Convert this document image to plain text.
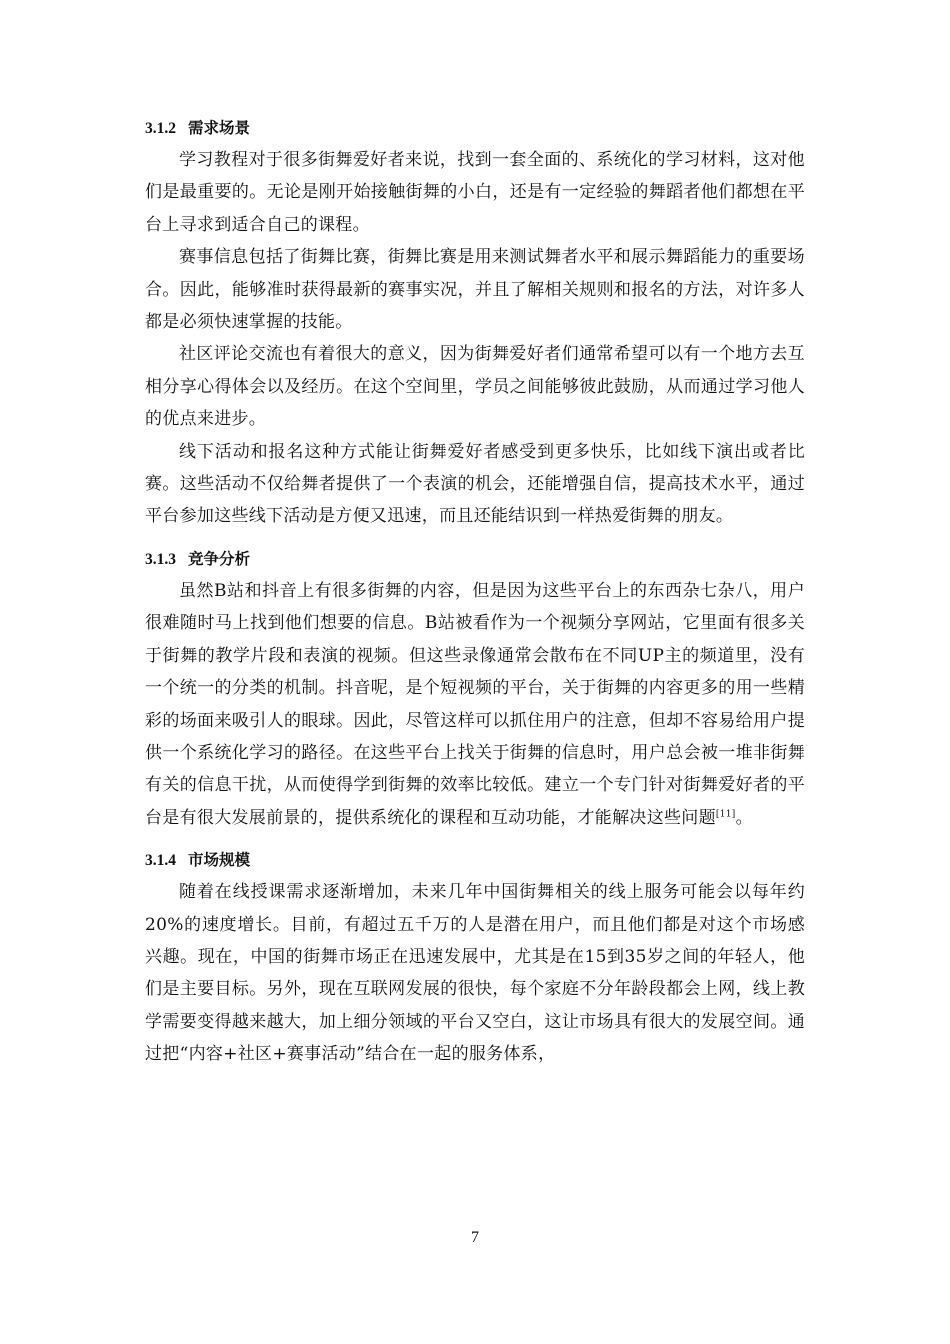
3.1.2 需求场景

学习教程对于很多街舞爱好者来说，找到一套全面的、系统化的学习材料，这对他们是最重要的。无论是刚开始接触街舞的小白，还是有一定经验的舞蹈者他们都想在平台上寻求到适合自己的课程。

赛事信息包括了街舞比赛，街舞比赛是用来测试舞者水平和展示舞蹈能力的重要场合。因此，能够准时获得最新的赛事实况，并且了解相关规则和报名的方法，对许多人都是必须快速掌握的技能。

社区评论交流也有着很大的意义，因为街舞爱好者们通常希望可以有一个地方去互相分享心得体会以及经历。在这个空间里，学员之间能够彼此鼓励，从而通过学习他人的优点来进步。

线下活动和报名这种方式能让街舞爱好者感受到更多快乐，比如线下演出或者比赛。这些活动不仅给舞者提供了一个表演的机会，还能增强自信，提高技术水平，通过平台参加这些线下活动是方便又迅速，而且还能结识到一样热爱街舞的朋友。

3.1.3 竞争分析

虽然B站和抖音上有很多街舞的内容，但是因为这些平台上的东西杂七杂八，用户很难随时马上找到他们想要的信息。B站被看作为一个视频分享网站，它里面有很多关于街舞的教学片段和表演的视频。但这些录像通常会散布在不同UP主的频道里，没有一个统一的分类的机制。抖音呢，是个短视频的平台，关于街舞的内容更多的用一些精彩的场面来吸引人的眼球。因此，尽管这样可以抓住用户的注意，但却不容易给用户提供一个系统化学习的路径。在这些平台上找关于街舞的信息时，用户总会被一堆非街舞有关的信息干扰，从而使得学到街舞的效率比较低。建立一个专门针对街舞爱好者的平台是有很大发展前景的，提供系统化的课程和互动功能，才能解决这些问题[11]。

3.1.4 市场规模

随着在线授课需求逐渐增加，未来几年中国街舞相关的线上服务可能会以每年约20%的速度增长。目前，有超过五千万的人是潜在用户，而且他们都是对这个市场感兴趣。现在，中国的街舞市场正在迅速发展中，尤其是在15到35岁之间的年轻人，他们是主要目标。另外，现在互联网发展的很快，每个家庭不分年龄段都会上网，线上教学需要变得越来越大，加上细分领域的平台又空白，这让市场具有很大的发展空间。通过把“内容+社区+赛事活动”结合在一起的服务体系，

7
